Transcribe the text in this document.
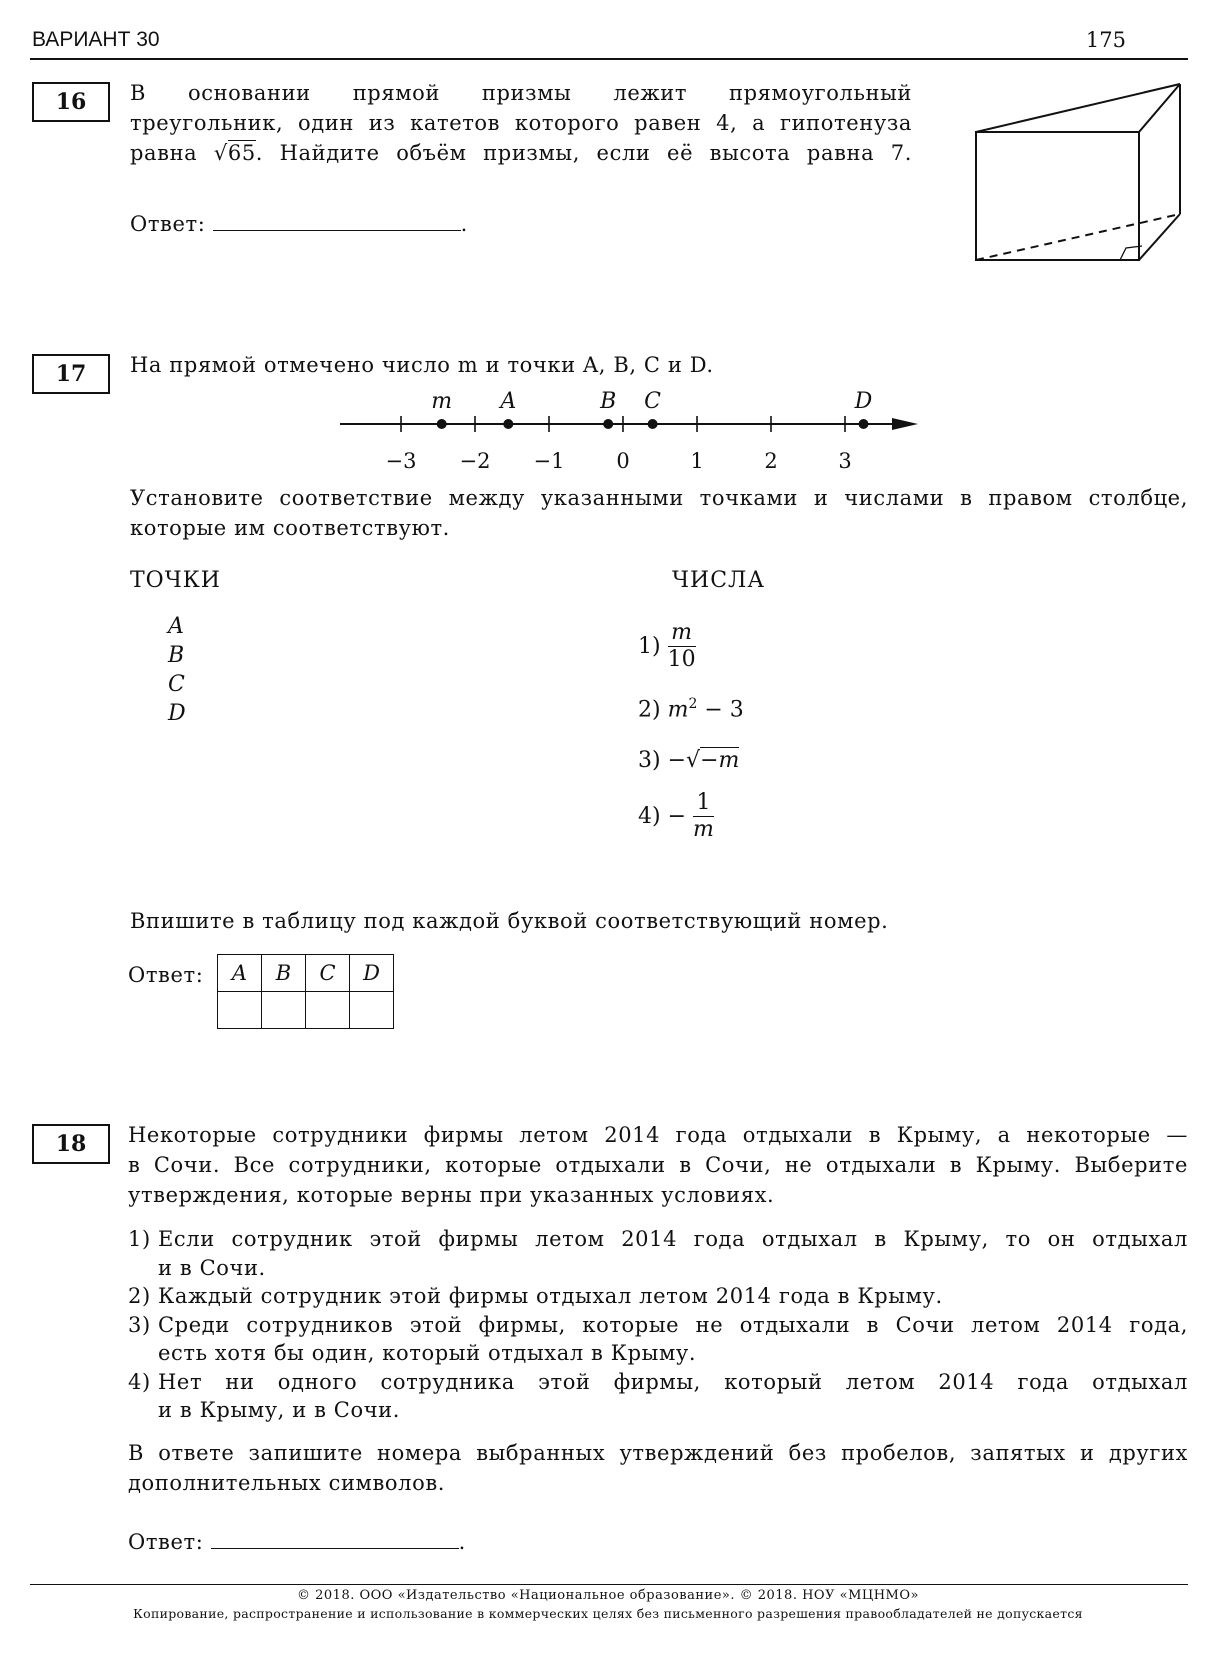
ВАРИАНТ 30	175
16	В основании прямой призмы лежит прямоугольный
треугольник, один из катетов которого равен 4, а гипотенуза
равна √65. Найдите объём призмы, если её высота равна 7.
Ответ:	.
17	На прямой отмечено число m и точки A, B, C и D.
−3 −2 −1 0	1	2	3
m A	B C	D
Установите соответствие между указанными точками и числами в правом столбце,
которые им соответствуют.
ТОЧКИ	ЧИСЛА
A
B
C
D
$1) \frac{m}{10}$
2) $m^2 - 3$
3) −√−m
$4) - \frac{1}{m}$
Впишите в таблицу под каждой буквой соответствующий номер.
Ответ: A	B	C	D

18	Некоторые сотрудники фирмы летом 2014 года отдыхали в Крыму, а некоторые —
в Сочи. Все сотрудники, которые отдыхали в Сочи, не отдыхали в Крыму. Выберите
утверждения, которые верны при указанных условиях.
1) Если сотрудник этой фирмы летом 2014 года отдыхал в Крыму, то он отдыхал
и в Сочи.
2) Каждый сотрудник этой фирмы отдыхал летом 2014 года в Крыму.
3) Среди сотрудников этой фирмы, которые не отдыхали в Сочи летом 2014 года,
есть хотя бы один, который отдыхал в Крыму.
4) Нет ни одного сотрудника этой фирмы, который летом 2014 года отдыхал
и в Крыму, и в Сочи.
В ответе запишите номера выбранных утверждений без пробелов, запятых и других
дополнительных символов.
Ответ:	.
© 2018. ООО «Издательство «Национальное образование». © 2018. НОУ «МЦНМО»
Копирование, распространение и использование в коммерческих целях без письменного разрешения правообладателей не допускается
